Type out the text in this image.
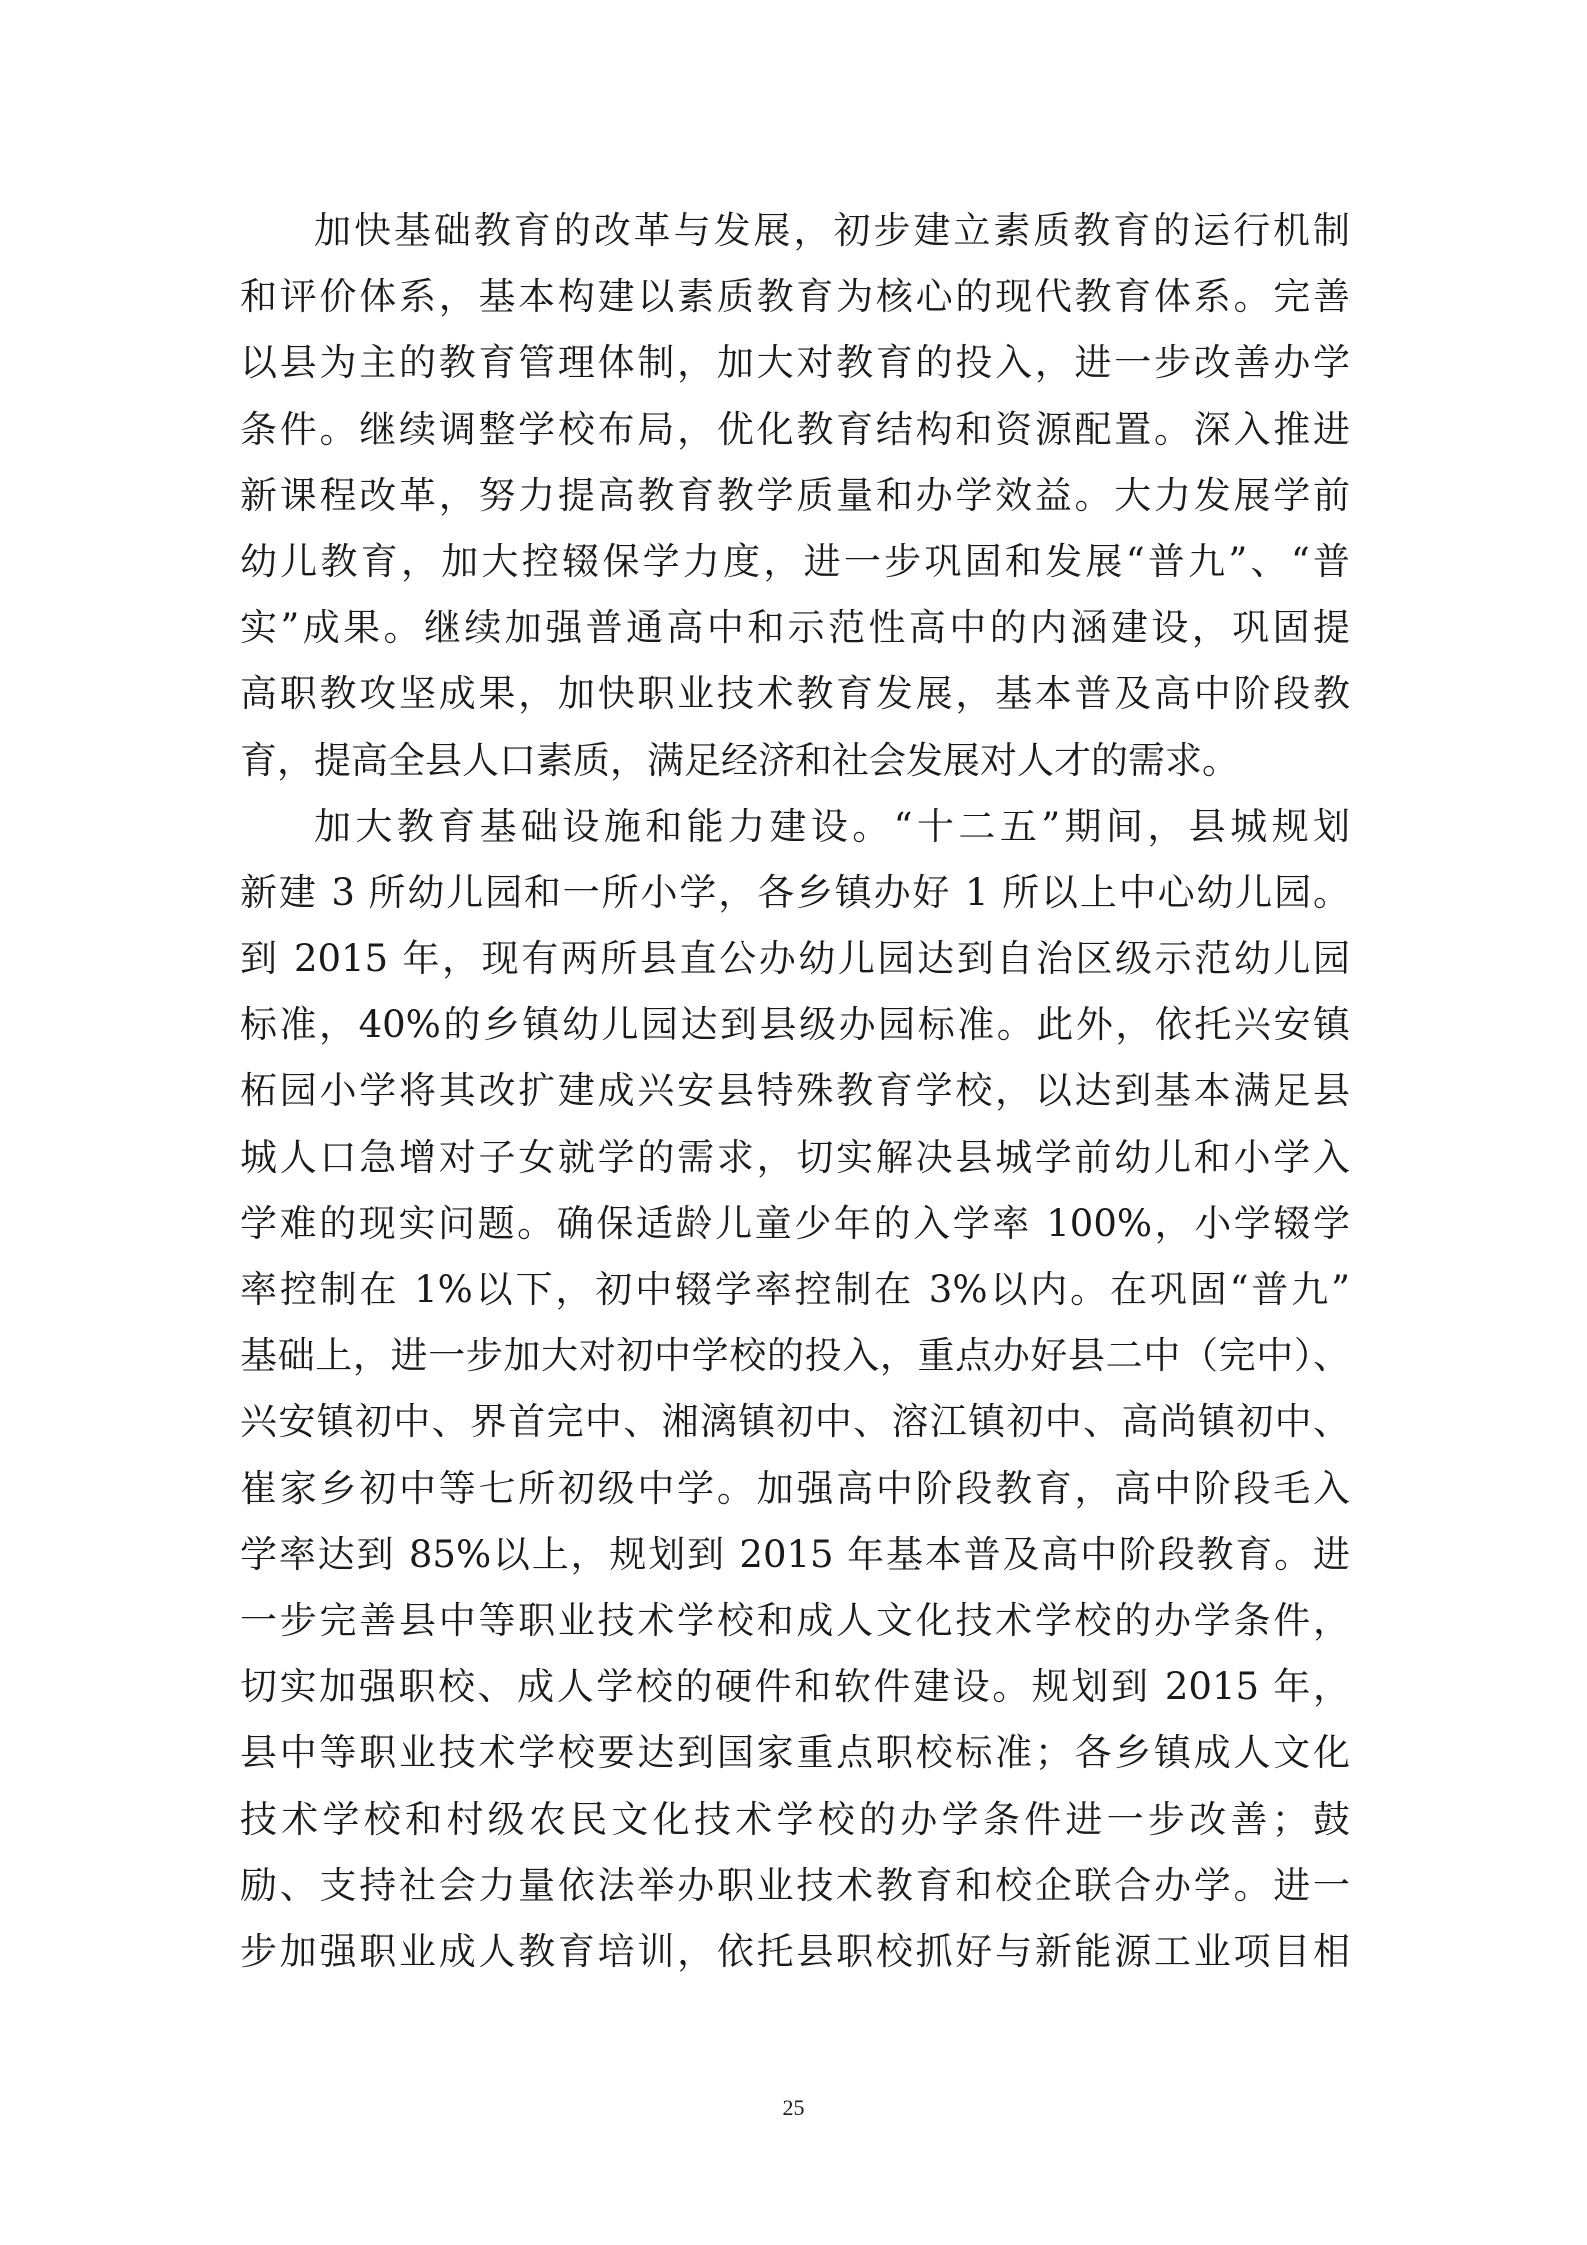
加快基础教育的改革与发展，初步建立素质教育的运行机制
和评价体系，基本构建以素质教育为核心的现代教育体系。完善
以县为主的教育管理体制，加大对教育的投入，进一步改善办学
条件。继续调整学校布局，优化教育结构和资源配置。深入推进
新课程改革，努力提高教育教学质量和办学效益。大力发展学前
幼儿教育，加大控辍保学力度，进一步巩固和发展“普九”、“普
实”成果。继续加强普通高中和示范性高中的内涵建设，巩固提
高职教攻坚成果，加快职业技术教育发展，基本普及高中阶段教
育，提高全县人口素质，满足经济和社会发展对人才的需求。
加大教育基础设施和能力建设。“十二五”期间，县城规划
新建 3 所幼儿园和一所小学，各乡镇办好 1 所以上中心幼儿园。
到 2015 年，现有两所县直公办幼儿园达到自治区级示范幼儿园
标准，40%的乡镇幼儿园达到县级办园标准。此外，依托兴安镇
柘园小学将其改扩建成兴安县特殊教育学校，以达到基本满足县
城人口急增对子女就学的需求，切实解决县城学前幼儿和小学入
学难的现实问题。确保适龄儿童少年的入学率 100%，小学辍学
率控制在 1%以下，初中辍学率控制在 3%以内。在巩固“普九”
基础上，进一步加大对初中学校的投入，重点办好县二中（完中）、
兴安镇初中、界首完中、湘漓镇初中、溶江镇初中、高尚镇初中、
崔家乡初中等七所初级中学。加强高中阶段教育，高中阶段毛入
学率达到 85%以上，规划到 2015 年基本普及高中阶段教育。进
一步完善县中等职业技术学校和成人文化技术学校的办学条件，
切实加强职校、成人学校的硬件和软件建设。规划到 2015 年，
县中等职业技术学校要达到国家重点职校标准；各乡镇成人文化
技术学校和村级农民文化技术学校的办学条件进一步改善；鼓
励、支持社会力量依法举办职业技术教育和校企联合办学。进一
步加强职业成人教育培训，依托县职校抓好与新能源工业项目相
25
